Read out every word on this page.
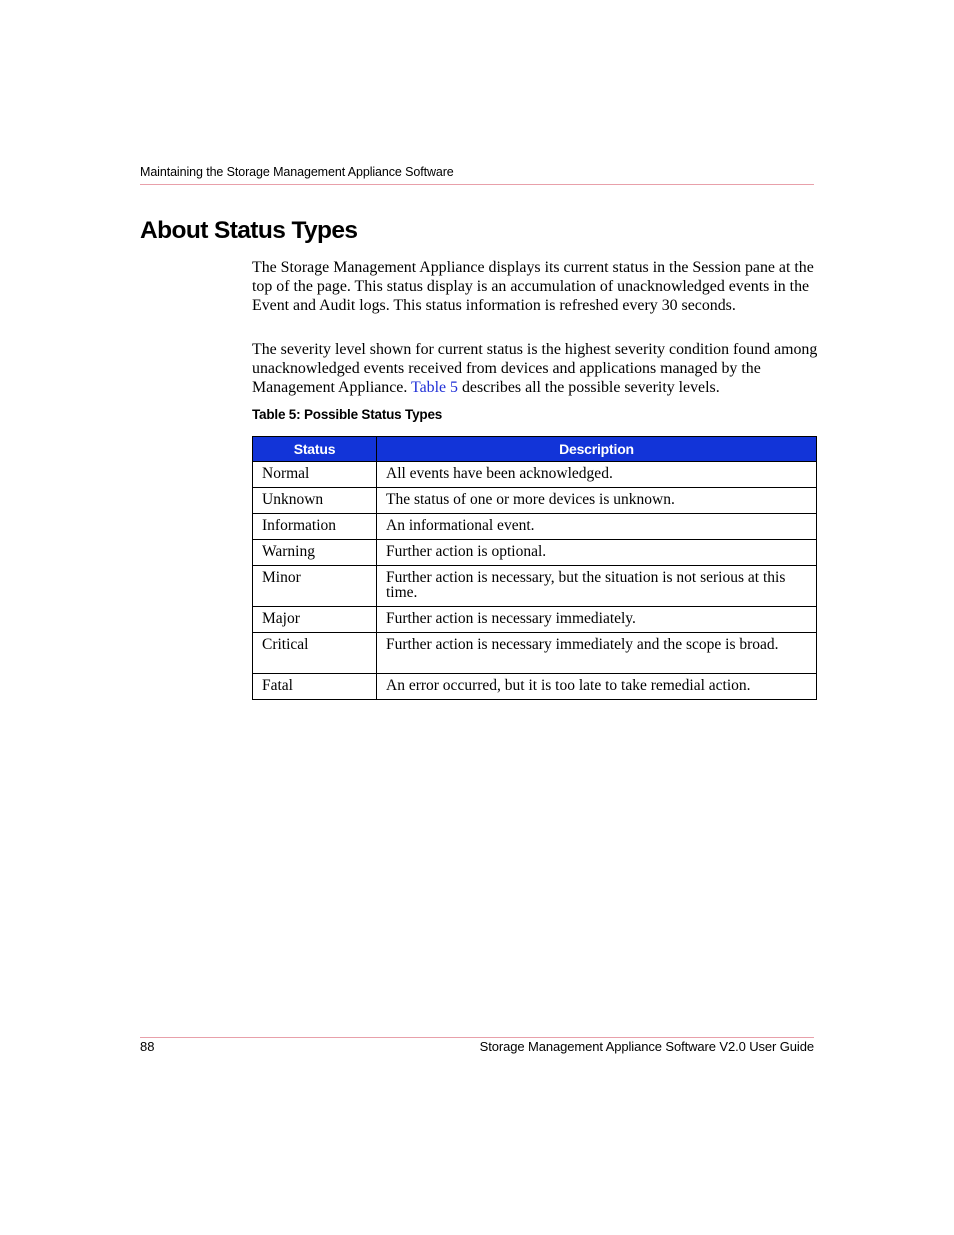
Maintaining the Storage Management Appliance Software
About Status Types

The Storage Management Appliance displays its current status in the Session pane at the top of the page. This status display is an accumulation of unacknowledged events in the Event and Audit logs. This status information is refreshed every 30 seconds.

The severity level shown for current status is the highest severity condition found among unacknowledged events received from devices and applications managed by the Management Appliance. Table 5 describes all the possible severity levels.

Table 5: Possible Status Types
Status	Description
Normal	All events have been acknowledged.
Unknown	The status of one or more devices is unknown.
Information	An informational event.
Warning	Further action is optional.
Minor	Further action is necessary, but the situation is not serious at this time.
Major	Further action is necessary immediately.
Critical	Further action is necessary immediately and the scope is broad.
Fatal	An error occurred, but it is too late to take remedial action.
88	Storage Management Appliance Software V2.0 User Guide
